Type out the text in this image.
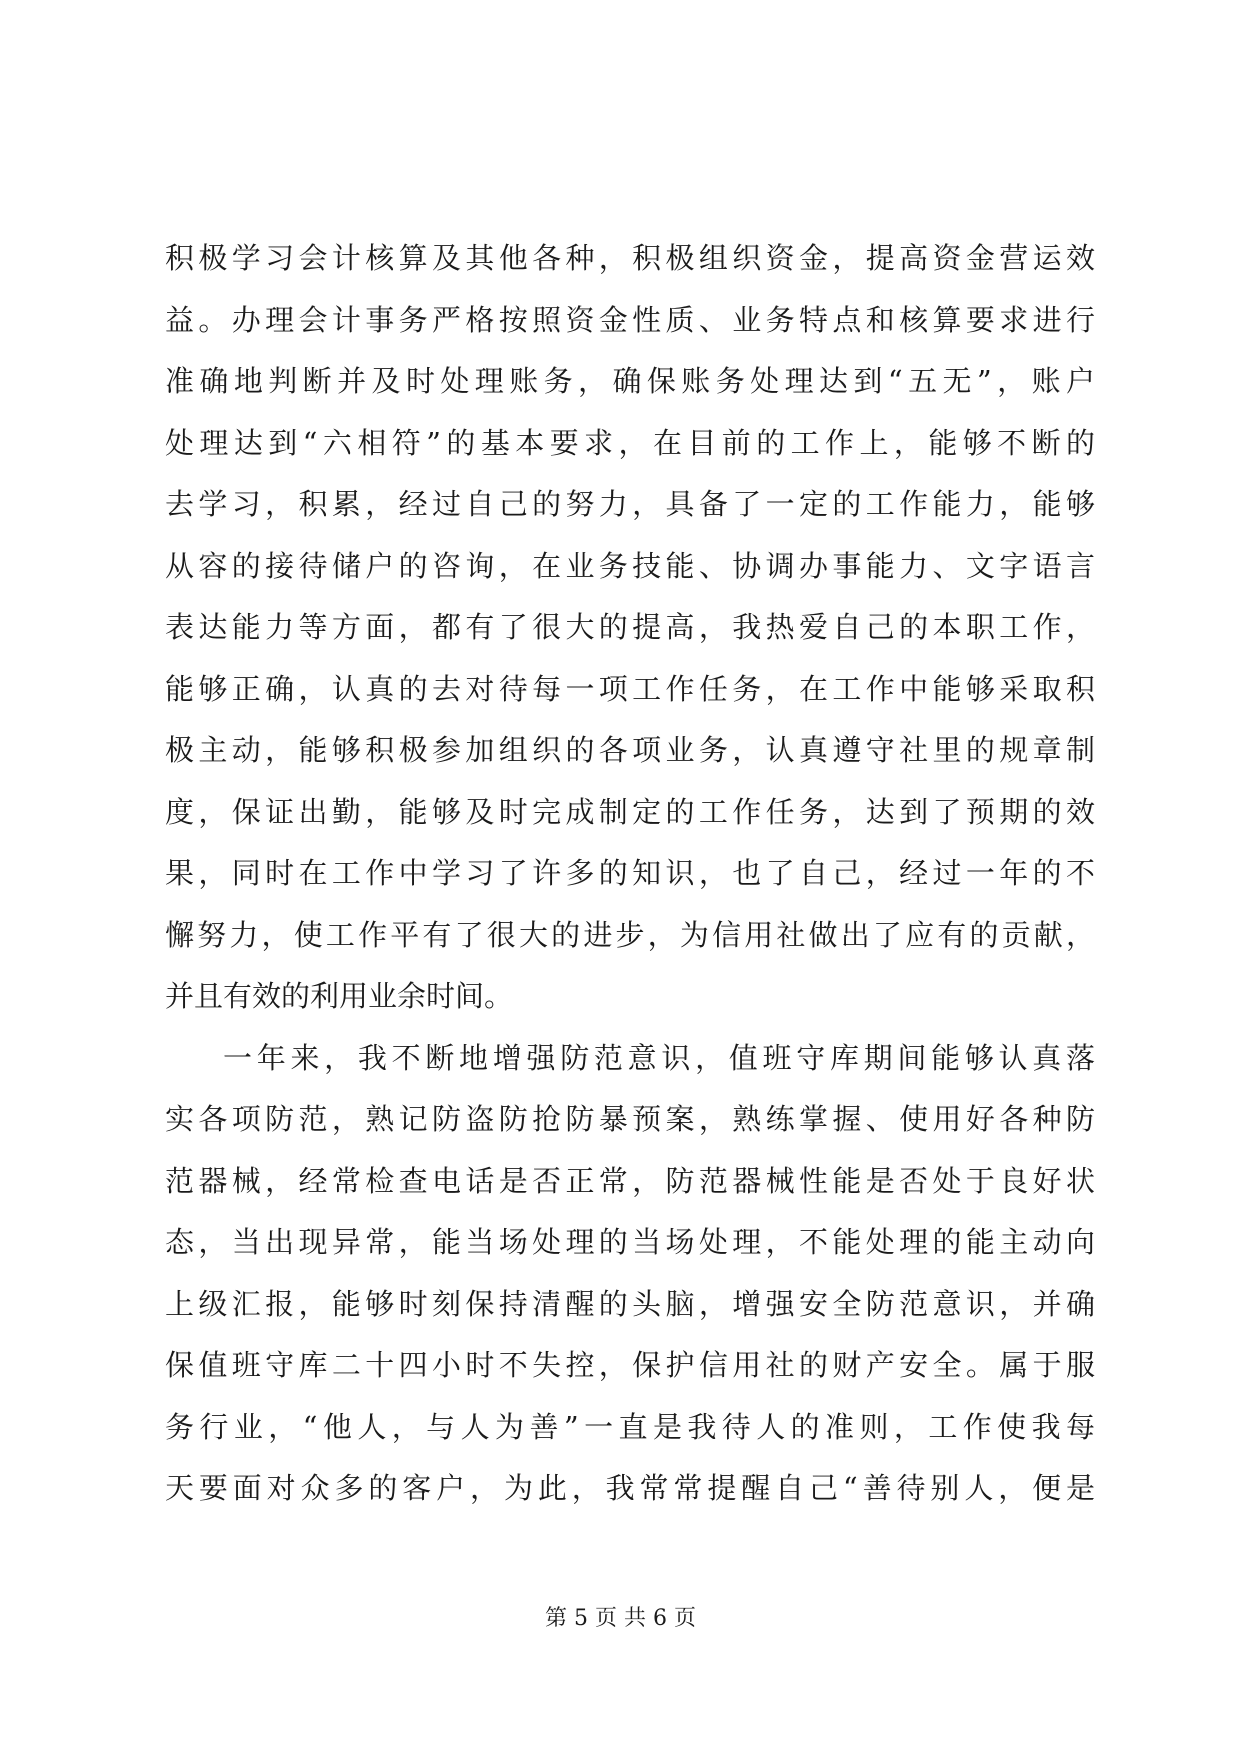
积极学习会计核算及其他各种，积极组织资金，提高资金营运效
益。办理会计事务严格按照资金性质、业务特点和核算要求进行
准确地判断并及时处理账务，确保账务处理达到“五无”，账户
处理达到“六相符”的基本要求，在目前的工作上，能够不断的
去学习，积累，经过自己的努力，具备了一定的工作能力，能够
从容的接待储户的咨询，在业务技能、协调办事能力、文字语言
表达能力等方面，都有了很大的提高，我热爱自己的本职工作，
能够正确，认真的去对待每一项工作任务，在工作中能够采取积
极主动，能够积极参加组织的各项业务，认真遵守社里的规章制
度，保证出勤，能够及时完成制定的工作任务，达到了预期的效
果，同时在工作中学习了许多的知识，也了自己，经过一年的不
懈努力，使工作平有了很大的进步，为信用社做出了应有的贡献，
并且有效的利用业余时间。
一年来，我不断地增强防范意识，值班守库期间能够认真落
实各项防范，熟记防盗防抢防暴预案，熟练掌握、使用好各种防
范器械，经常检查电话是否正常，防范器械性能是否处于良好状
态，当出现异常，能当场处理的当场处理，不能处理的能主动向
上级汇报，能够时刻保持清醒的头脑，增强安全防范意识，并确
保值班守库二十四小时不失控，保护信用社的财产安全。属于服
务行业，“他人，与人为善”一直是我待人的准则，工作使我每
天要面对众多的客户，为此，我常常提醒自己“善待别人，便是
第 5 页 共 6 页
